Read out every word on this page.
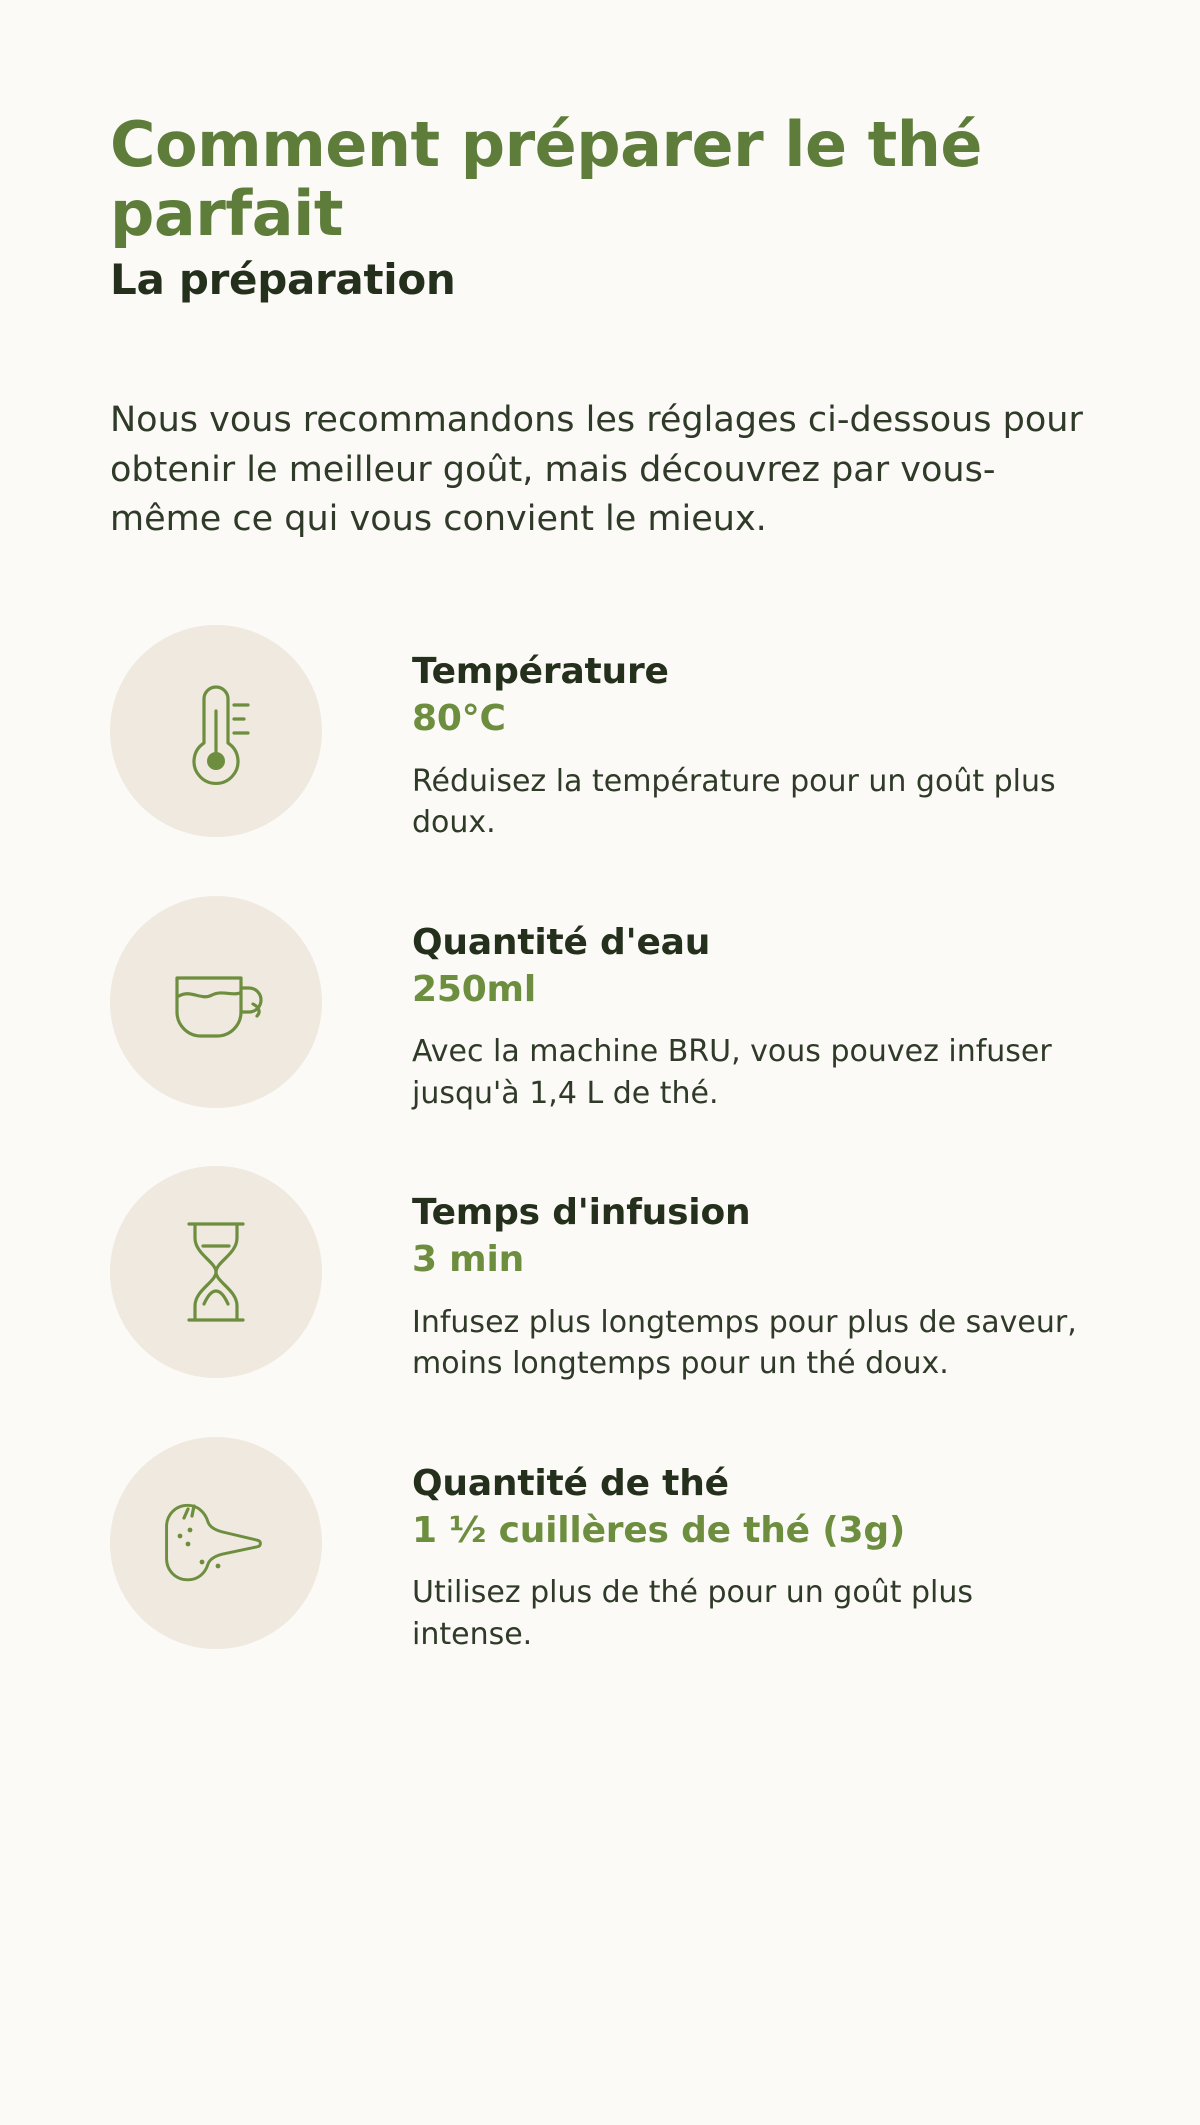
Comment préparer le thé parfait
La préparation

Nous vous recommandons les réglages ci-dessous pour obtenir le meilleur goût, mais découvrez par vous-même ce qui vous convient le mieux.

Température
80°C
Réduisez la température pour un goût plus doux.
Quantité d'eau
250ml
Avec la machine BRU, vous pouvez infuser jusqu'à 1,4 L de thé.
Temps d'infusion
3 min
Infusez plus longtemps pour plus de saveur, moins longtemps pour un thé doux.
Quantité de thé
1 ½ cuillères de thé (3g)
Utilisez plus de thé pour un goût plus intense.
